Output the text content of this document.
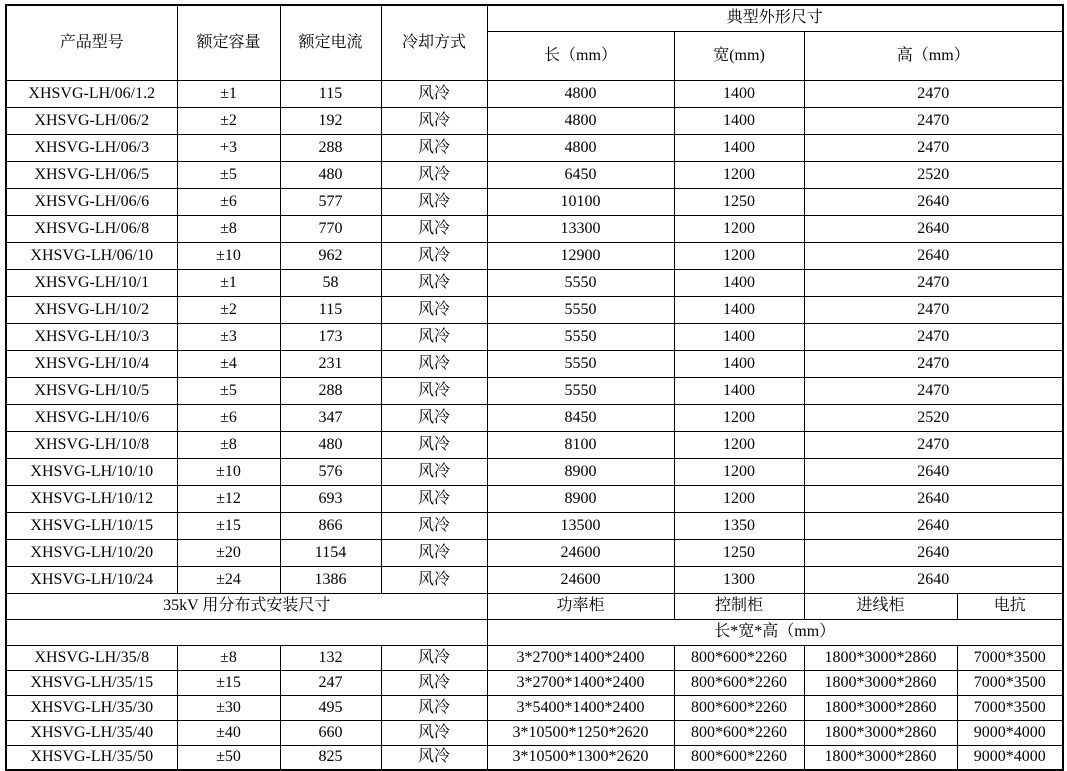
产品型号	额定容量	额定电流	冷却方式	典型外形尺寸			
				长（mm）	宽(mm)	高（mm）	
XHSVG-LH/06/1.2	±1	115	风冷	4800	1400	2470	
XHSVG-LH/06/2	±2	192	风冷	4800	1400	2470	
XHSVG-LH/06/3	+3	288	风冷	4800	1400	2470	
XHSVG-LH/06/5	±5	480	风冷	6450	1200	2520	
XHSVG-LH/06/6	±6	577	风冷	10100	1250	2640	
XHSVG-LH/06/8	±8	770	风冷	13300	1200	2640	
XHSVG-LH/06/10	±10	962	风冷	12900	1200	2640	
XHSVG-LH/10/1	±1	58	风冷	5550	1400	2470	
XHSVG-LH/10/2	±2	115	风冷	5550	1400	2470	
XHSVG-LH/10/3	±3	173	风冷	5550	1400	2470	
XHSVG-LH/10/4	±4	231	风冷	5550	1400	2470	
XHSVG-LH/10/5	±5	288	风冷	5550	1400	2470	
XHSVG-LH/10/6	±6	347	风冷	8450	1200	2520	
XHSVG-LH/10/8	±8	480	风冷	8100	1200	2470	
XHSVG-LH/10/10	±10	576	风冷	8900	1200	2640	
XHSVG-LH/10/12	±12	693	风冷	8900	1200	2640	
XHSVG-LH/10/15	±15	866	风冷	13500	1350	2640	
XHSVG-LH/10/20	±20	1154	风冷	24600	1250	2640	
XHSVG-LH/10/24	±24	1386	风冷	24600	1300	2640	
35kV 用分布式安装尺寸				功率柜	控制柜	进线柜	电抗
				长*宽*高（mm）			
XHSVG-LH/35/8	±8	132	风冷	3*2700*1400*2400	800*600*2260	1800*3000*2860	7000*3500
XHSVG-LH/35/15	±15	247	风冷	3*2700*1400*2400	800*600*2260	1800*3000*2860	7000*3500
XHSVG-LH/35/30	±30	495	风冷	3*5400*1400*2400	800*600*2260	1800*3000*2860	7000*3500
XHSVG-LH/35/40	±40	660	风冷	3*10500*1250*2620	800*600*2260	1800*3000*2860	9000*4000
XHSVG-LH/35/50	±50	825	风冷	3*10500*1300*2620	800*600*2260	1800*3000*2860	9000*4000
